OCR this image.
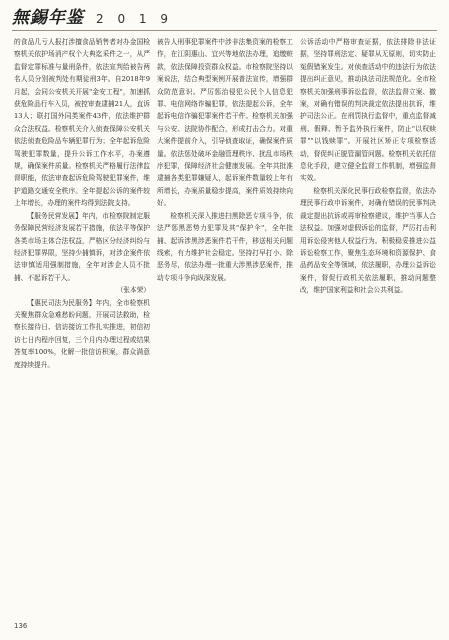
無錫年鉴 2 0 1 9

的食品几亏人报打涉擅食品销售者对办金国检察机关依护场消产权个大典迄采件之一，从严监督定罪标准与量刑条件，依法宣判给被告两名人员分别被判处有期徒刑3年。自2018年9月起，会同公安机关开展"金安工程"，加速抓获危险品行车入员，被控审查逮捕21人，直诉13人；联打国外同类案件43件，依法维护群众合法权益。检察机关介入侦查保障公安机关依法侦查危险品车辆犯罪行为；全年起诉危险驾驶犯罪数量，提升公诉工作水平，办案遵规，确保案件质量。检察机关严格履行法律监督职能，依法审查起诉危险驾驶犯罪案件，维护道路交通安全秩序。全年提起公诉的案件较上年增长，办理的案件均得到法院支持。

【服务民营发展】年内，市检察院制定服务保障民营经济发展若干措施，依法平等保护各类市场主体合法权益，严格区分经济纠纷与经济犯罪界限，坚持少捕慎诉，对涉企案件依法审慎适用强制措施，全年对涉企人员不批捕、不起诉若干人。

（张本荣）

【惠民司法为民服务】年内，全市检察机关聚焦群众急难愁盼问题，开展司法救助，检察长接待日、信访接访工作扎实推进，初信初访七日内程序回复，三个月内办理过程或结果答复率100%，化解一批信访积案，群众满意度持续提升。

被告人刑事犯罪案件中涉非法集资案的检察工作，在江阴惠山、宜兴等地依法办理，追缴赃款，依法保障投资群众权益。市检察院坚持以案说法，结合典型案例开展普法宣传，增强群众防范意识。严厉惩治侵犯公民个人信息犯罪、电信网络诈骗犯罪，依法提起公诉，全年起诉电信诈骗犯罪案件若干件。检察机关加强与公安、法院协作配合，形成打击合力。对重大案件提前介入，引导侦查取证，确保案件质量。依法惩处破坏金融管理秩序、扰乱市场秩序犯罪，保障经济社会健康发展。全年共批准逮捕各类犯罪嫌疑人，起诉案件数量较上年有所增长，办案质量稳步提高，案件质效持续向好。

检察机关深入推进扫黑除恶专项斗争，依法严惩黑恶势力犯罪及其"保护伞"，全年批捕、起诉涉黑涉恶案件若干件，移送相关问题线索，有力维护社会稳定。坚持打早打小、除恶务尽，依法办理一批重大涉黑涉恶案件，推动专项斗争向纵深发展。

公诉活动中严格审查证据，依法排除非法证据，坚持罪刑法定、疑罪从无原则，切实防止冤假错案发生。对侦查活动中的违法行为依法提出纠正意见，推动执法司法规范化。全市检察机关加强刑事诉讼监督，依法监督立案、撤案，对确有错误的判决裁定依法提出抗诉，维护司法公正。在刑罚执行监督中，重点监督减刑、假释、暂予监外执行案件，防止"以权赎罪""以钱赎罪"。开展社区矫正专项检察活动，督促纠正脱管漏管问题。检察机关依托信息化手段，建立健全监督工作机制，增强监督实效。

检察机关深化民事行政检察监督，依法办理民事行政申诉案件，对确有错误的民事判决裁定提出抗诉或再审检察建议，维护当事人合法权益。加强对虚假诉讼的监督，严厉打击利用诉讼侵害他人权益行为。积极稳妥推进公益诉讼检察工作，聚焦生态环境和资源保护、食品药品安全等领域，依法履职，办理公益诉讼案件，督促行政机关依法履职，推动问题整改，维护国家利益和社会公共利益。

136
